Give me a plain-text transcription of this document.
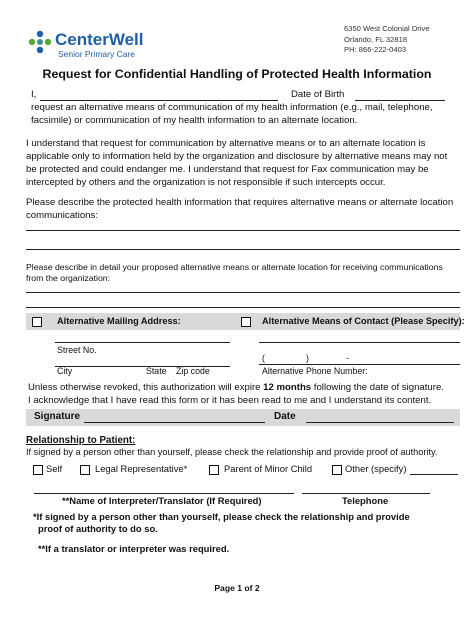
CenterWell
Senior Primary Care
6350 West Colonial Drive
Orlando, FL 32818
PH: 866-222-0403
Request for Confidential Handling of Protected Health Information
I,	Date of Birth
request an alternative means of communication of my health information (e.g., mail, telephone,
facsimile) or communication of my health information to an alternate location.
I understand that request for communication by alternative means or to an alternate location is
applicable only to information held by the organization and disclosure by alternative means may not
be protected and could endanger me. I understand that request for Fax communication may be
intercepted by others and the organization is not responsible if such intercepts occur.
Please describe the protected health information that requires alternative means or alternate location
communications:
Please describe in detail your proposed alternative means or alternate location for receiving communications
from the organization:
Alternative Mailing Address:	Alternative Means of Contact (Please Specify):
Street No.
City	State Zip code
(	)	-
Alternative Phone Number:
Unless otherwise revoked, this authorization will expire 12 months following the date of signature.
I acknowledge that I have read this form or it has been read to me and I understand its content.
Signature	Date
Relationship to Patient:
If signed by a person other than yourself, please check the relationship and provide proof of authority.
Self	Legal Representative*	Parent of Minor Child	Other (specify)
**Name of Interpreter/Translator (If Required)	Telephone
*If signed by a person other than yourself, please check the relationship and provide
proof of authority to do so.
**If a translator or interpreter was required.
Page 1 of 2
